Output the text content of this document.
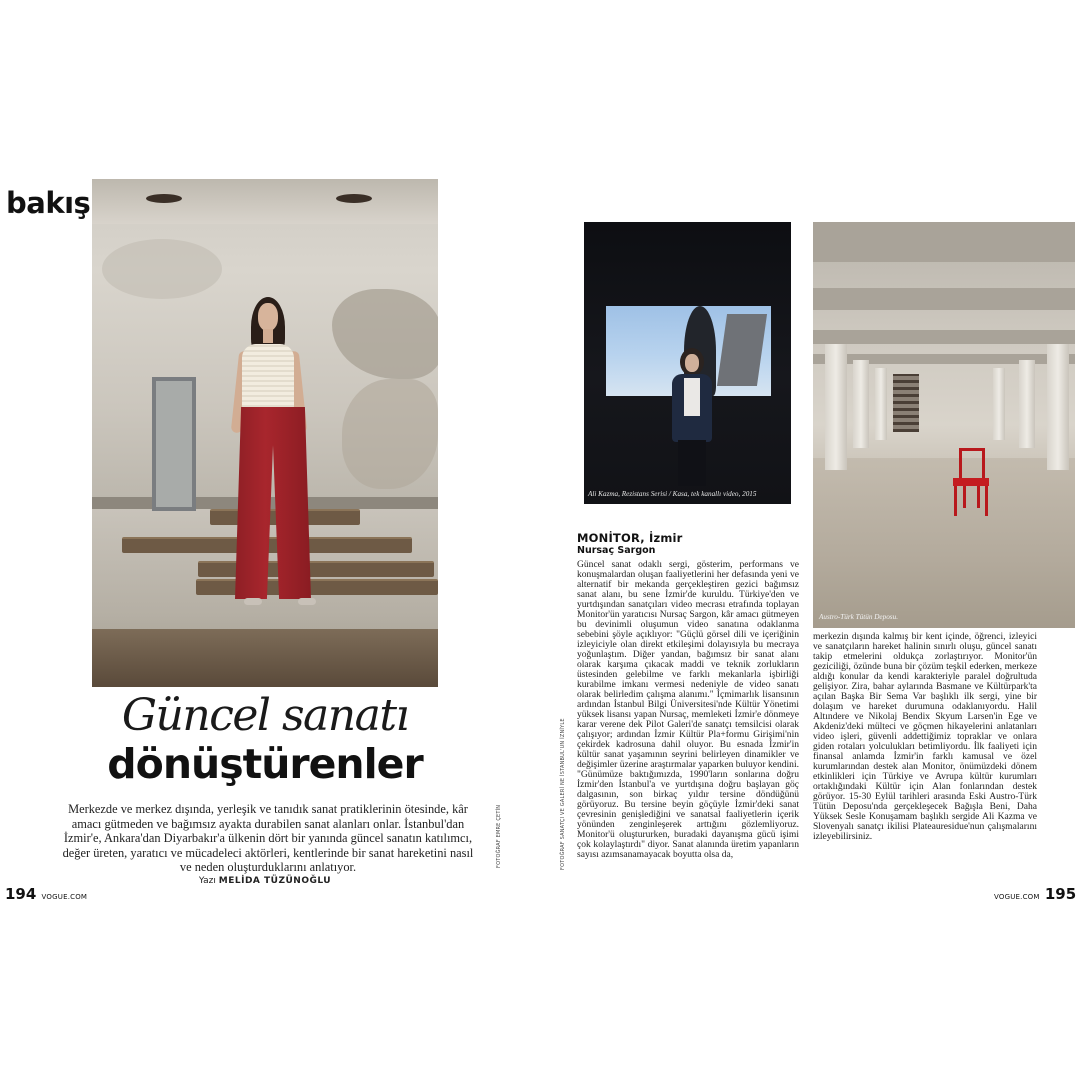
bakış
Güncel sanatı
dönüştürenler
Merkezde ve merkez dışında, yerleşik ve tanıdık sanat pratiklerinin ötesinde, kâr amacı gütmeden ve bağımsız ayakta durabilen sanat alanları onlar. İstanbul'dan İzmir'e, Ankara'dan Diyarbakır'a ülkenin dört bir yanında güncel sanatın katılımcı, değer üreten, yaratıcı ve mücadeleci aktörleri, kentlerinde bir sanat hareketini nasıl ve neden oluşturduklarını anlatıyor.
Yazı MELİDA TÜZÜNOĞLU
194 VOGUE.COM
FOTOĞRAF EMRE ÇETİN	FOTOĞRAF SANATÇI VE GALERİ NE İSTANBUL'UN İZNİYLE
Ali Kazma, Rezistans Serisi / Kasa, tek kanallı video, 2015
Austro-Türk Tütün Deposu.
MONİTOR, İzmir
Nursaç Sargon
Güncel sanat odaklı sergi, gösterim, performans ve konuşmalardan oluşan faaliyetlerini her defasında yeni ve alternatif bir mekanda gerçekleştiren gezici bağımsız sanat alanı, bu sene İzmir'de kuruldu. Türkiye'den ve yurtdışından sanatçıları video mecrası etrafında toplayan Monitor'ün yaratıcısı Nursaç Sargon, kâr amacı gütmeyen bu devinimli oluşumun video sanatına odaklanma sebebini şöyle açıklıyor: "Güçlü görsel dili ve içeriğinin izleyiciyle olan direkt etkileşimi dolayısıyla bu mecraya yoğunlaştım. Diğer yandan, bağımsız bir sanat alanı olarak karşıma çıkacak maddi ve teknik zorlukların üstesinden gelebilme ve farklı mekanlarla işbirliği kurabilme imkanı vermesi nedeniyle de video sanatı olarak belirledim çalışma alanımı." İçmimarlık lisansının ardından İstanbul Bilgi Üniversitesi'nde Kültür Yönetimi yüksek lisansı yapan Nursaç, memleketi İzmir'e dönmeye karar verene dek Pilot Galeri'de sanatçı temsilcisi olarak çalışıyor; ardından İzmir Kültür Pla+formu Girişimi'nin çekirdek kadrosuna dahil oluyor. Bu esnada İzmir'in kültür sanat yaşamının seyrini belirleyen dinamikler ve değişimler üzerine araştırmalar yaparken buluyor kendini. "Günümüze baktığımızda, 1990'ların sonlarına doğru İzmir'den İstanbul'a ve yurtdışına doğru başlayan göç dalgasının, son birkaç yıldır tersine döndüğünü görüyoruz. Bu tersine beyin göçüyle İzmir'deki sanat çevresinin genişlediğini ve sanatsal faaliyetlerin içerik yönünden zenginleşerek arttığını gözlemliyoruz. Monitor'ü oluştururken, buradaki dayanışma gücü işimi çok kolaylaştırdı" diyor. Sanat alanında üretim yapanların sayısı azımsanamayacak boyutta olsa da,
merkezin dışında kalmış bir kent içinde, öğrenci, izleyici ve sanatçıların hareket halinin sınırlı oluşu, güncel sanatı takip etmelerini oldukça zorlaştırıyor. Monitor'ün geziciliği, özünde buna bir çözüm teşkil ederken, merkeze aldığı konular da kendi karakteriyle paralel doğrultuda gelişiyor. Zira, bahar aylarında Basmane ve Kültürpark'ta açılan Başka Bir Sema Var başlıklı ilk sergi, yine bir dolaşım ve hareket durumuna odaklanıyordu. Halil Altındere ve Nikolaj Bendix Skyum Larsen'in Ege ve Akdeniz'deki mülteci ve göçmen hikayelerini anlatanları video işleri, güvenli addettiğimiz topraklar ve onlara giden rotaları yolculukları betimliyordu. İlk faaliyeti için finansal anlamda İzmir'in farklı kamusal ve özel kurumlarından destek alan Monitor, önümüzdeki dönem etkinlikleri için Türkiye ve Avrupa kültür kurumları ortaklığındaki Kültür için Alan fonlarından destek görüyor. 15-30 Eylül tarihleri arasında Eski Austro-Türk Tütün Deposu'nda gerçekleşecek Bağışla Beni, Daha Yüksek Sesle Konuşamam başlıklı sergide Ali Kazma ve Slovenyalı sanatçı ikilisi Plateauresidue'nun çalışmalarını izleyebilirsiniz.
VOGUE.COM 195
